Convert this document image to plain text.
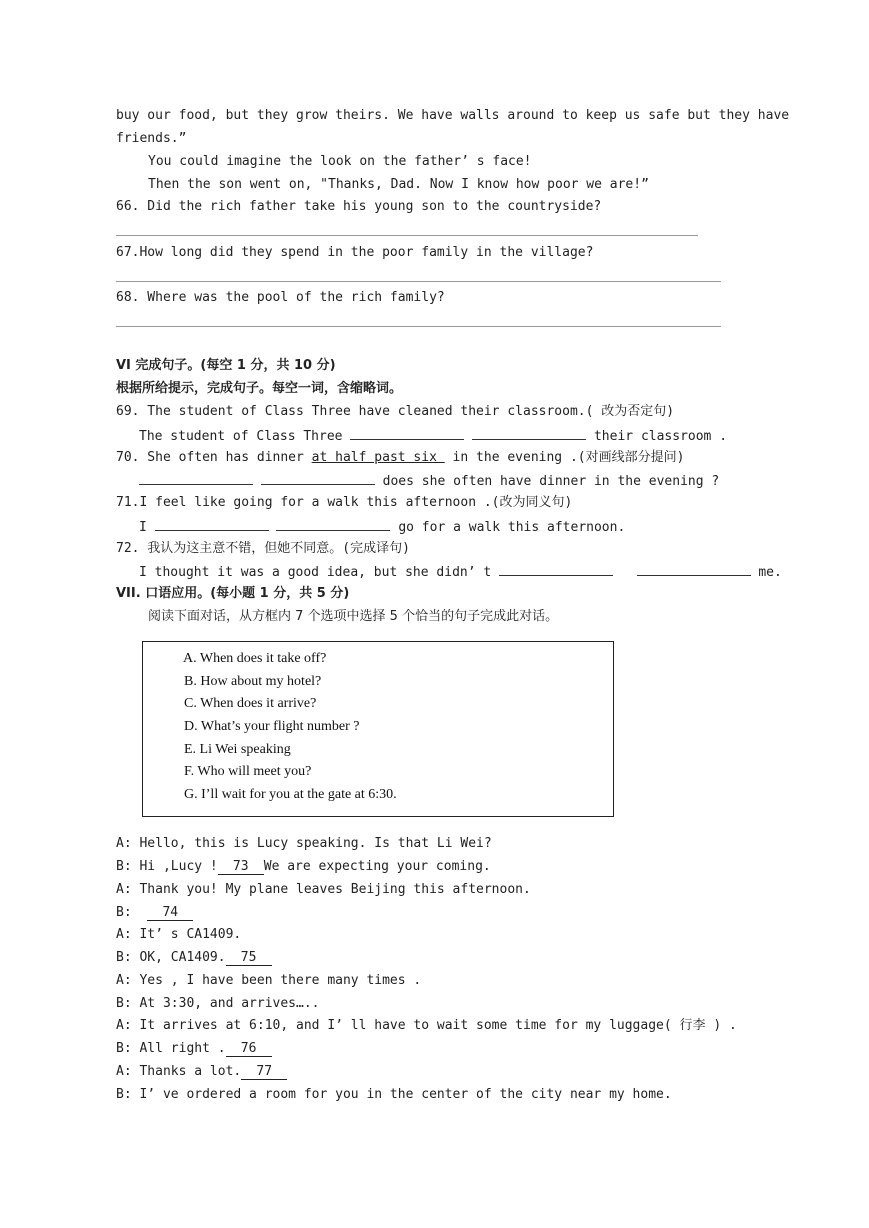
buy our food, but they grow theirs. We have walls around to keep us safe but they have
friends.”
You could imagine the look on the father’ s face!
Then the son went on, "Thanks, Dad. Now I know how poor we are!”
66. Did the rich father take his young son to the countryside?
67.How long did they spend in the poor family in the village?
68. Where was the pool of the rich family?
VI 完成句子。(每空 1 分，共 10 分)
根据所给提示，完成句子。每空一词，含缩略词。
69. The student of Class Three have cleaned their classroom.( 改为否定句)
The student of Class Three	their classroom .
70. She often has dinner at half past six  in the evening .(对画线部分提问)
does she often have dinner in the evening ?
71.I feel like going for a walk this afternoon .(改为同义句)
I	go for a walk this afternoon.
72. 我认为这主意不错，但她不同意。(完成译句)
I thought it was a good idea, but she didn’ t	me.
VII. 口语应用。(每小题 1 分，共 5 分)
阅读下面对话，从方框内 7 个选项中选择 5 个恰当的句子完成此对话。
A. When does it take off?
B. How about my hotel?
C. When does it arrive?
D. What’s your flight number ?
E. Li Wei speaking
F. Who will meet you?
G. I’ll wait for you at the gate at 6:30.
A: Hello, this is Lucy speaking. Is that Li Wei?
B: Hi ,Lucy ! 73 We are expecting your coming.
A: Thank you! My plane leaves Beijing this afternoon.
B:  74
A: It’ s CA1409.
B: OK, CA1409. 75
A: Yes , I have been there many times .
B: At 3:30, and arrives…..
A: It arrives at 6:10, and I’ ll have to wait some time for my luggage( 行李 ) .
B: All right . 76
A: Thanks a lot. 77
B: I’ ve ordered a room for you in the center of the city near my home.
